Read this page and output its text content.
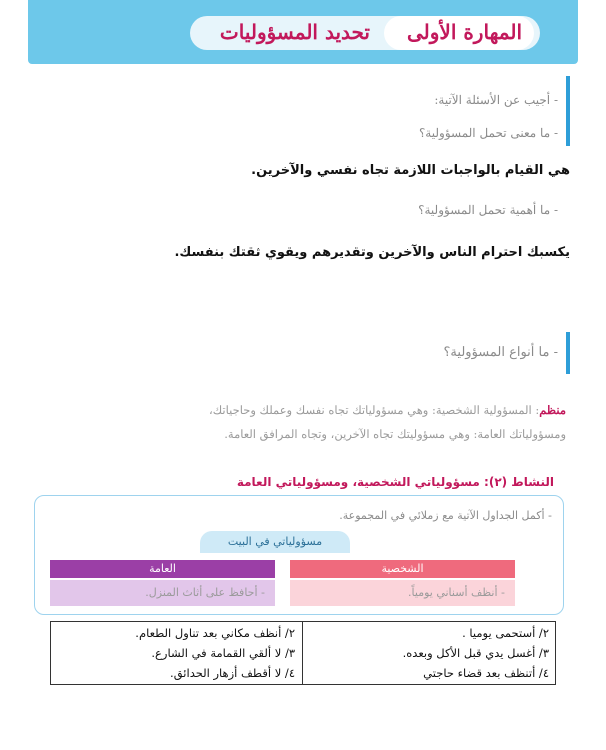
المهارة الأولى
تحديد المسؤوليات
- أجيب عن الأسئلة الآتية:
- ما معنى تحمل المسؤولية؟
هي القيام بالواجبات اللازمة تجاه نفسي والآخرين.
- ما أهمية تحمل المسؤولية؟
يكسبك احترام الناس والآخرين وتقديرهم ويقوي ثقتك بنفسك.
- ما أنواع المسؤولية؟
منظم: المسؤولية الشخصية: وهي مسؤولياتك تجاه نفسك وعملك وحاجياتك،
ومسؤولياتك العامة: وهي مسؤوليتك تجاه الآخرين، وتجاه المرافق العامة.
النشاط (٢): مسؤولياتي الشخصية، ومسؤولياتي العامة
- أكمل الجداول الآتية مع زملائي في المجموعة.
مسؤولياتي في البيت
العامة	الشخصية
- أحافظ على أثاث المنزل.	- أنظف أسناني يومياً.
٢/ أستحمى يوميا .
٣/ أغسل يدي قبل الأكل وبعده.
٤/ أتنظف بعد قضاء حاجتي
٢/ أنظف مكاني بعد تناول الطعام.
٣/ لا ألقي القمامة في الشارع.
٤/ لا أقطف أزهار الحدائق.
